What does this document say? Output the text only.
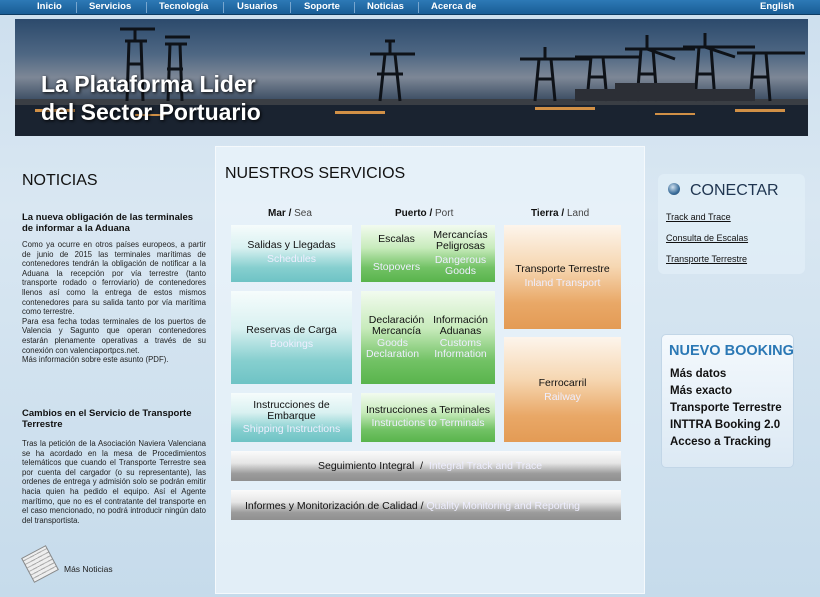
Inicio	Servicios	Tecnología	Usuarios	Soporte	Noticias	Acerca de	English
La Plataforma Lider
del Sector Portuario
NOTICIAS
La nueva obligación de las terminales de informar a la Aduana

Como ya ocurre en otros países europeos, a partir de junio de 2015 las terminales marítimas de contenedores tendrán la obligación de notificar a la Aduana la recepción por vía terrestre (tanto transporte rodado o ferroviario) de contenedores llenos así como la entrega de estos mismos contenedores para su salida tanto por vía marítima como terrestre.

Para esa fecha todas terminales de los puertos de Valencia y Sagunto que operan contenedores estarán plenamente operativas a través de su conexión con valenciaportpcs.net.

Más información sobre este asunto (PDF).

Cambios en el Servicio de Transporte Terrestre

Tras la petición de la Asociación Naviera Valenciana se ha acordado en la mesa de Procedimientos telemáticos que cuando el Transporte Terrestre sea por cuenta del cargador (o su representante), las ordenes de entrega y admisión solo se podrán emitir hacia quien ha pedido el equipo. Así el Agente marítimo, que no es el contratante del transporte en el caso mencionado, no podrá introducir ningún dato del transportista.

Más Noticias
NUESTROS SERVICIOS
Mar / Sea	Puerto / Port	Tierra / Land
Salidas y Llegadas
Schedules
Reservas de Carga
Bookings
Instrucciones de Embarque
Shipping Instructions
Escalas	Mercancías Peligrosas
Stopovers
Dangerous Goods
Declaración Mercancía
Información Aduanas
Goods Declaration
Customs Information
Instrucciones a Terminales
Instructions to Terminals
Transporte Terrestre
Inland Transport
Ferrocarril
Railway
Seguimiento Integral / Integral Track and Trace
Informes y Monitorización de Calidad / Quality Monitoring and Reporting
CONECTAR
Track and Trace
Consulta de Escalas
Transporte Terrestre
NUEVO BOOKING
Más datos
Más exacto
Transporte Terrestre
INTTRA Booking 2.0
Acceso a Tracking
